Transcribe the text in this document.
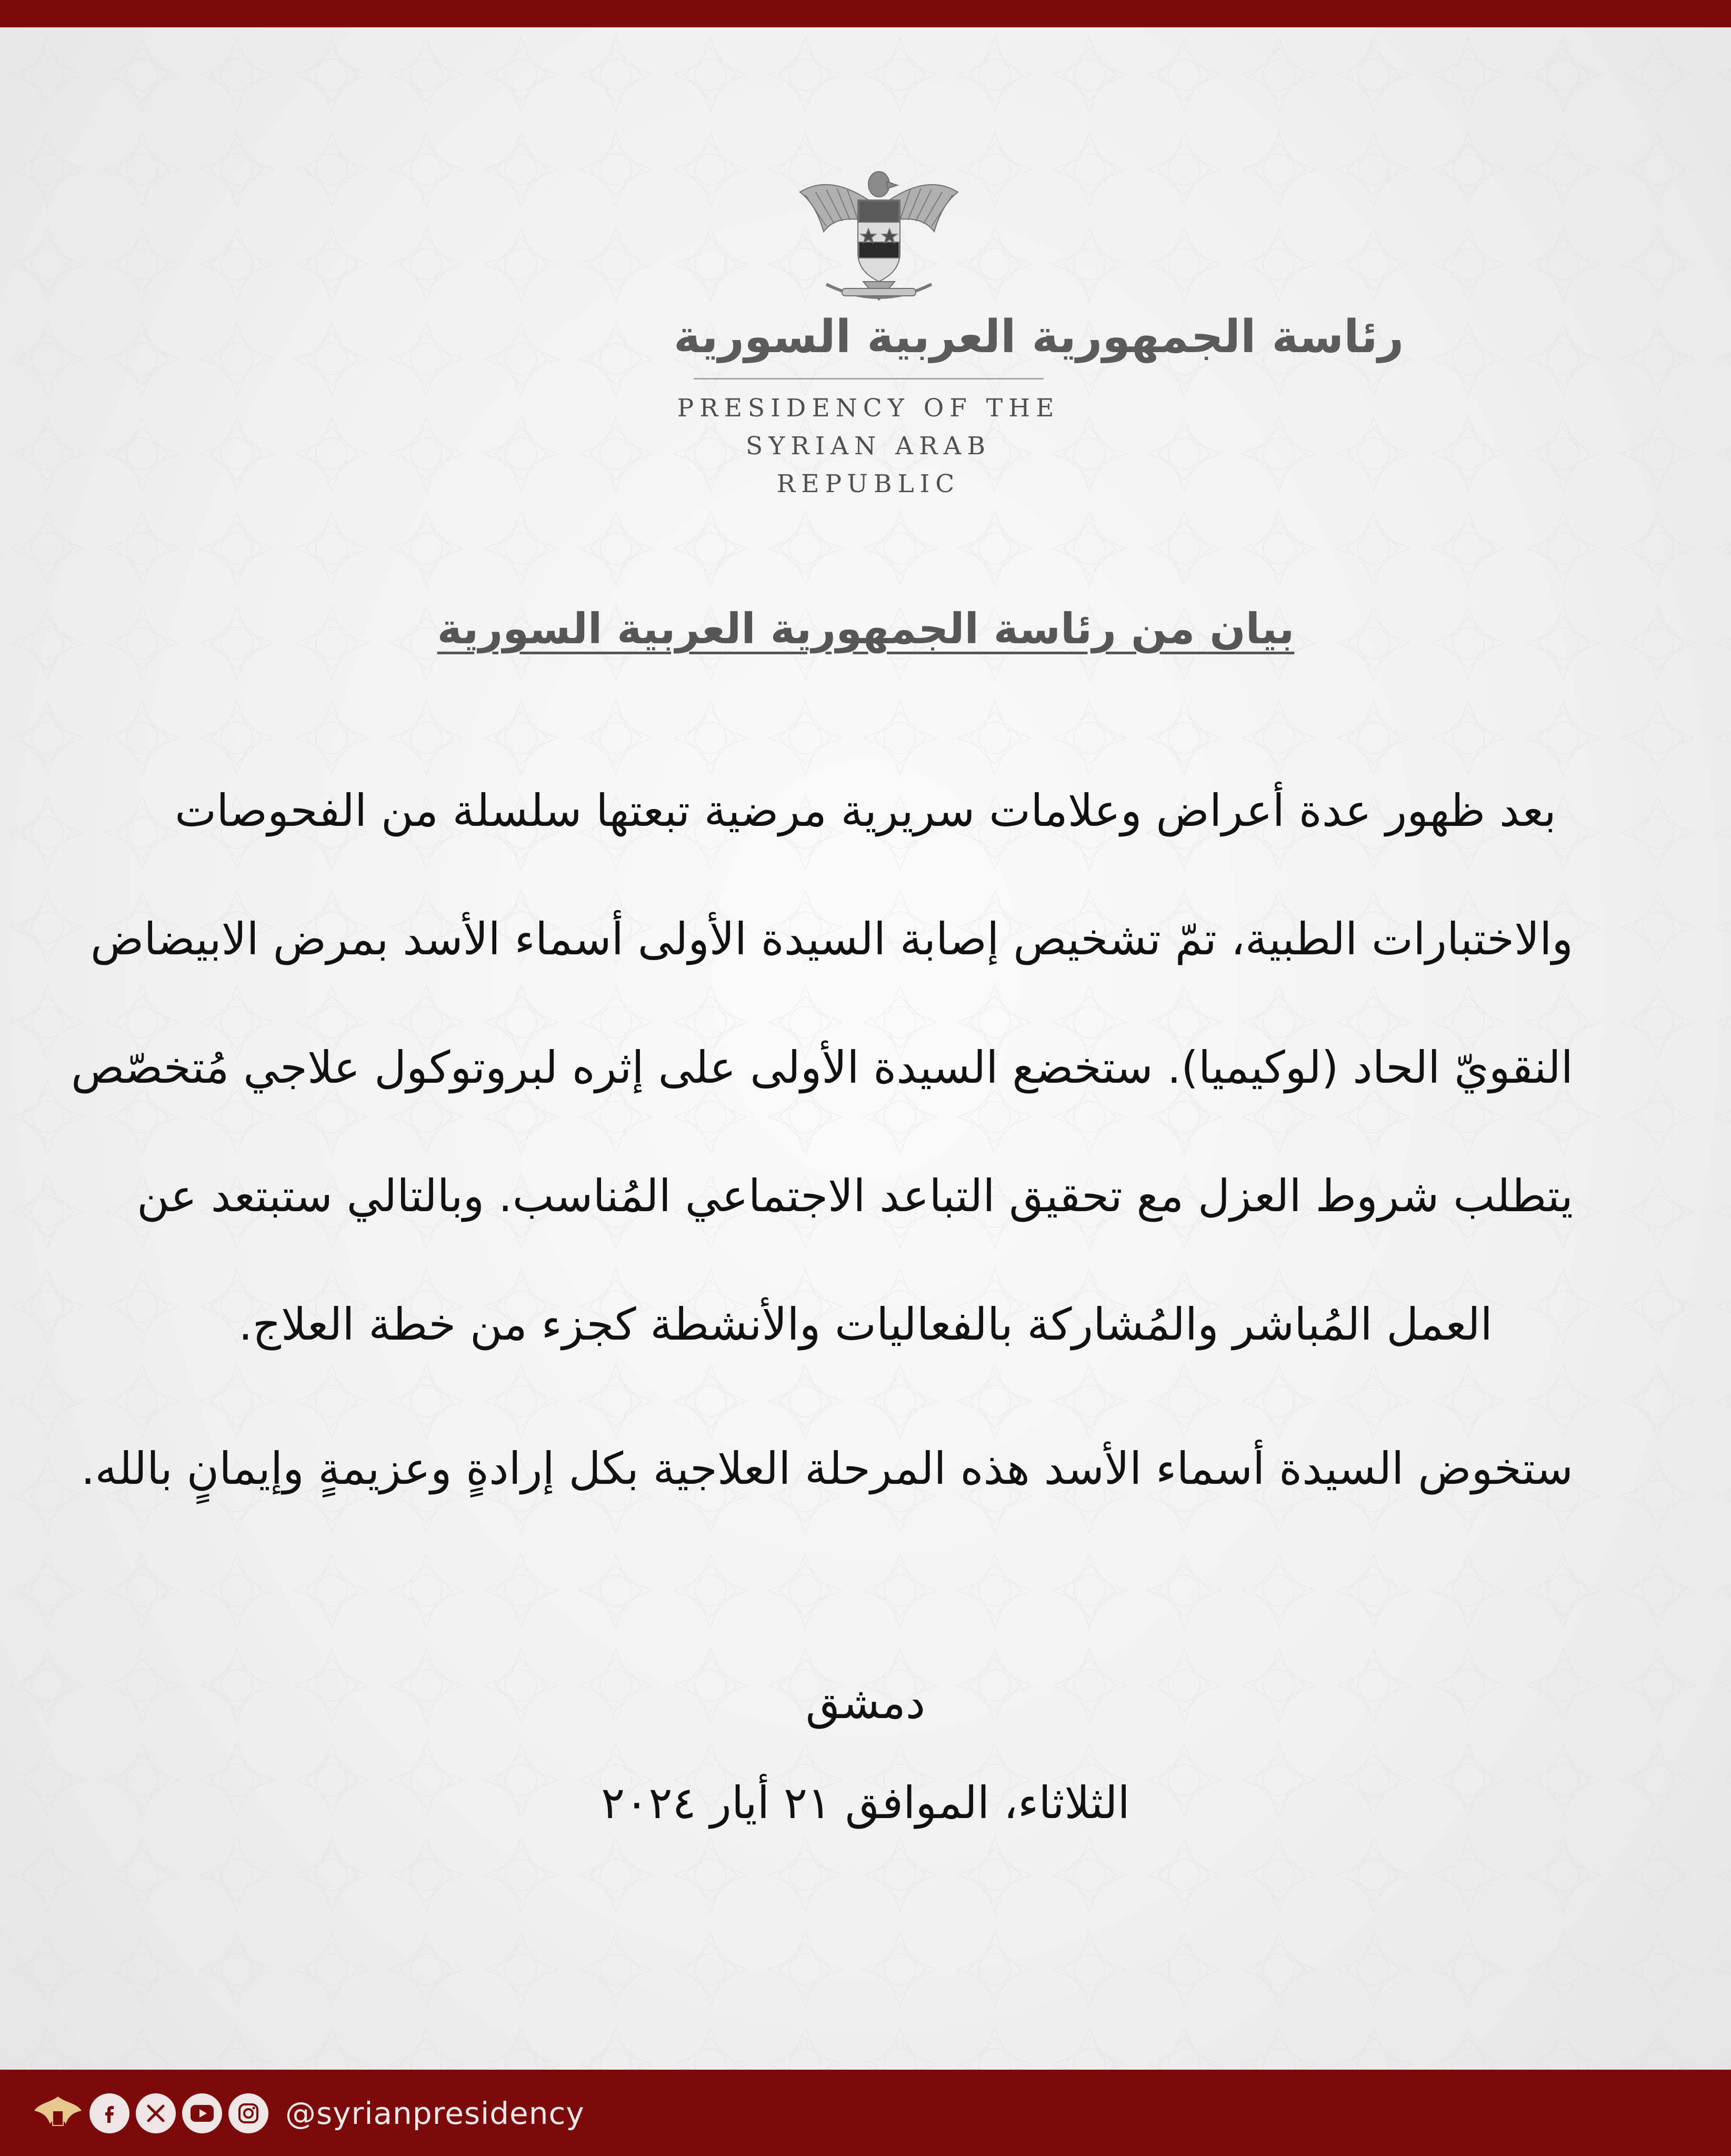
رئاسة الجمهورية العربية السورية
PRESIDENCY OF THE
SYRIAN ARAB REPUBLIC
بيان من رئاسة الجمهورية العربية السورية
بعد ظهور عدة أعراض وعلامات سريرية مرضية تبعتها سلسلة من الفحوصات
والاختبارات الطبية، تمّ تشخيص إصابة السيدة الأولى أسماء الأسد بمرض الابيضاض
النقويّ الحاد (لوكيميا). ستخضع السيدة الأولى على إثره لبروتوكول علاجي مُتخصّص
يتطلب شروط العزل مع تحقيق التباعد الاجتماعي المُناسب. وبالتالي ستبتعد عن
العمل المُباشر والمُشاركة بالفعاليات والأنشطة كجزء من خطة العلاج.
ستخوض السيدة أسماء الأسد هذه المرحلة العلاجية بكل إرادةٍ وعزيمةٍ وإيمانٍ بالله.
دمشق
الثلاثاء، الموافق ٢١ أيار ٢٠٢٤
@syrianpresidency
